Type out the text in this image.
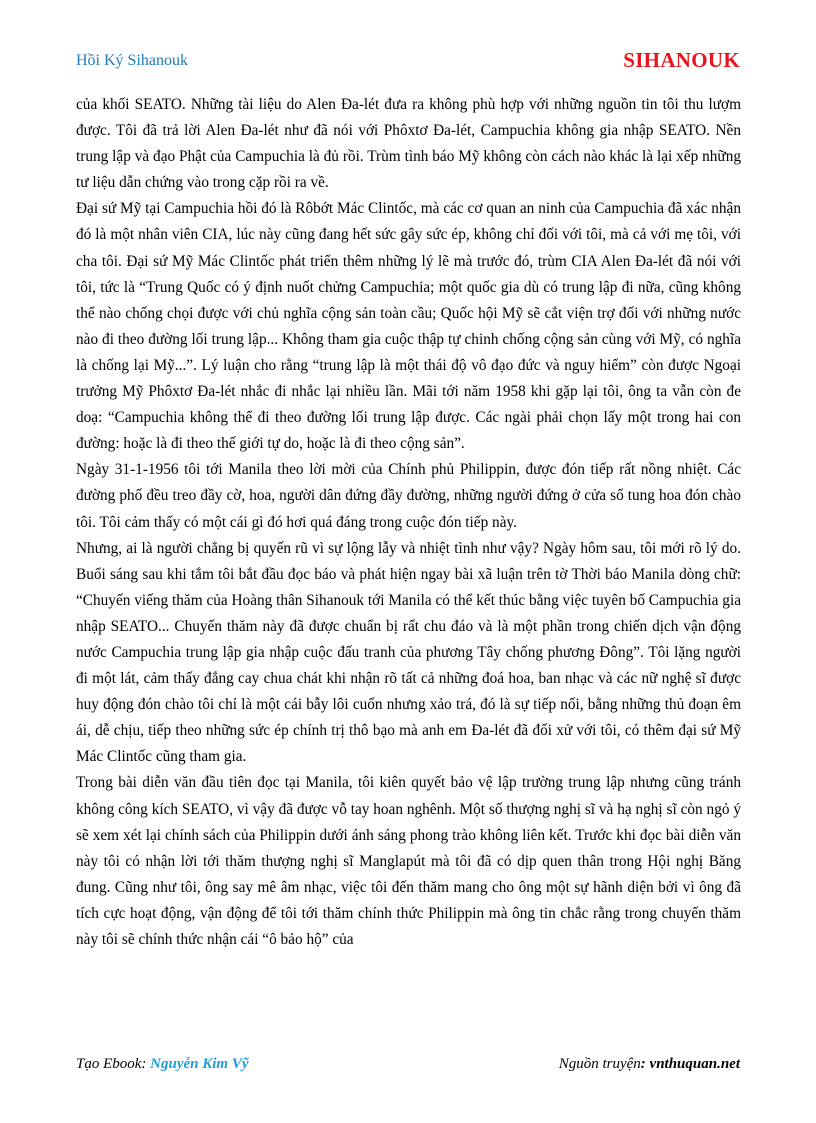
Hồi Ký Sihanouk	SIHANOUK

của khối SEATO. Những tài liệu do Alen Đa-lét đưa ra không phù hợp với những nguồn tin tôi thu lượm được. Tôi đã trả lời Alen Đa-lét như đã nói với Phôxtơ Đa-lét, Campuchia không gia nhập SEATO. Nền trung lập và đạo Phật của Campuchia là đủ rồi. Trùm tình báo Mỹ không còn cách nào khác là lại xếp những tư liệu dẫn chứng vào trong cặp rồi ra về.

Đại sứ Mỹ tại Campuchia hồi đó là Rôbớt Mác Clintốc, mà các cơ quan an ninh của Campuchia đã xác nhận đó là một nhân viên CIA, lúc này cũng đang hết sức gây sức ép, không chỉ đối với tôi, mà cả với mẹ tôi, với cha tôi. Đại sứ Mỹ Mác Clintốc phát triển thêm những lý lẽ mà trước đó, trùm CIA Alen Đa-lét đã nói với tôi, tức là “Trung Quốc có ý định nuốt chửng Campuchia; một quốc gia dù có trung lập đi nữa, cũng không thể nào chống chọi được với chủ nghĩa cộng sản toàn cầu; Quốc hội Mỹ sẽ cắt viện trợ đối với những nước nào đi theo đường lối trung lập... Không tham gia cuộc thập tự chinh chống cộng sản cùng với Mỹ, có nghĩa là chống lại Mỹ...”. Lý luận cho rằng “trung lập là một thái độ vô đạo đức và nguy hiểm” còn được Ngoại trưởng Mỹ Phôxtơ Đa-lét nhắc đi nhắc lại nhiều lần. Mãi tới năm 1958 khi gặp lại tôi, ông ta vẫn còn đe doạ: “Campuchia không thể đi theo đường lối trung lập được. Các ngài phải chọn lấy một trong hai con đường: hoặc là đi theo thế giới tự do, hoặc là đi theo cộng sản”.

Ngày 31-1-1956 tôi tới Manila theo lời mời của Chính phủ Philippin, được đón tiếp rất nồng nhiệt. Các đường phố đều treo đầy cờ, hoa, người dân đứng đầy đường, những người đứng ở cửa sổ tung hoa đón chào tôi. Tôi cảm thấy có một cái gì đó hơi quá đáng trong cuộc đón tiếp này.

Nhưng, ai là người chẳng bị quyến rũ vì sự lộng lẫy và nhiệt tình như vậy? Ngày hôm sau, tôi mới rõ lý do. Buổi sáng sau khi tắm tôi bắt đầu đọc báo và phát hiện ngay bài xã luận trên tờ Thời báo Manila dòng chữ: “Chuyến viếng thăm của Hoàng thân Sihanouk tới Manila có thể kết thúc bằng việc tuyên bố Campuchia gia nhập SEATO... Chuyến thăm này đã được chuẩn bị rất chu đáo và là một phần trong chiến dịch vận động nước Campuchia trung lập gia nhập cuộc đấu tranh của phương Tây chống phương Đông”. Tôi lặng người đi một lát, cảm thấy đắng cay chua chát khi nhận rõ tất cả những đoá hoa, ban nhạc và các nữ nghệ sĩ được huy động đón chào tôi chỉ là một cái bẫy lôi cuốn nhưng xảo trá, đó là sự tiếp nối, bằng những thủ đoạn êm ái, dễ chịu, tiếp theo những sức ép chính trị thô bạo mà anh em Đa-lét đã đối xử với tôi, có thêm đại sứ Mỹ Mác Clintốc cũng tham gia.

Trong bài diễn văn đầu tiên đọc tại Manila, tôi kiên quyết bảo vệ lập trường trung lập nhưng cũng tránh không công kích SEATO, vì vậy đã được vỗ tay hoan nghênh. Một số thượng nghị sĩ và hạ nghị sĩ còn ngỏ ý sẽ xem xét lại chính sách của Philippin dưới ánh sáng phong trào không liên kết. Trước khi đọc bài diễn văn này tôi có nhận lời tới thăm thượng nghị sĩ Manglapút mà tôi đã có dịp quen thân trong Hội nghị Băng đung. Cũng như tôi, ông say mê âm nhạc, việc tôi đến thăm mang cho ông một sự hãnh diện bởi vì ông đã tích cực hoạt động, vận động để tôi tới thăm chính thức Philippin mà ông tin chắc rằng trong chuyến thăm này tôi sẽ chính thức nhận cái “ô bảo hộ” của

Tạo Ebook: Nguyễn Kim Vỹ	Nguồn truyện: vnthuquan.net
